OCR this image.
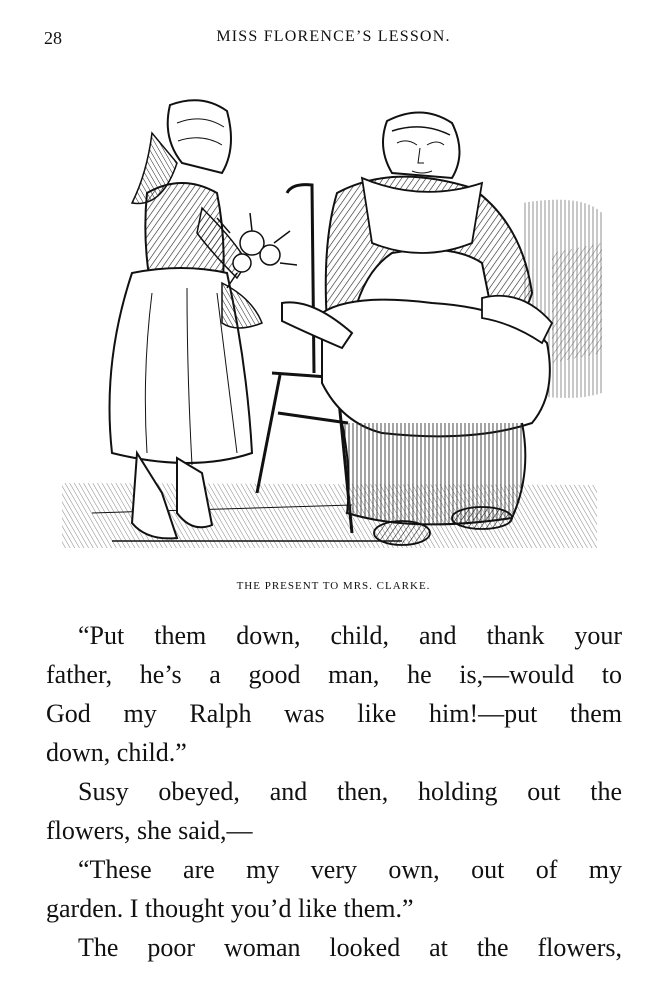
28	MISS FLORENCE’S LESSON.
THE PRESENT TO MRS. CLARKE.
“Put them down, child, and thank your
father, he’s a good man, he is,—would to
God my Ralph was like him!—put them
down, child.”
Susy obeyed, and then, holding out the
flowers, she said,—
“These are my very own, out of my
garden. I thought you’d like them.”
The poor woman looked at the flowers,
